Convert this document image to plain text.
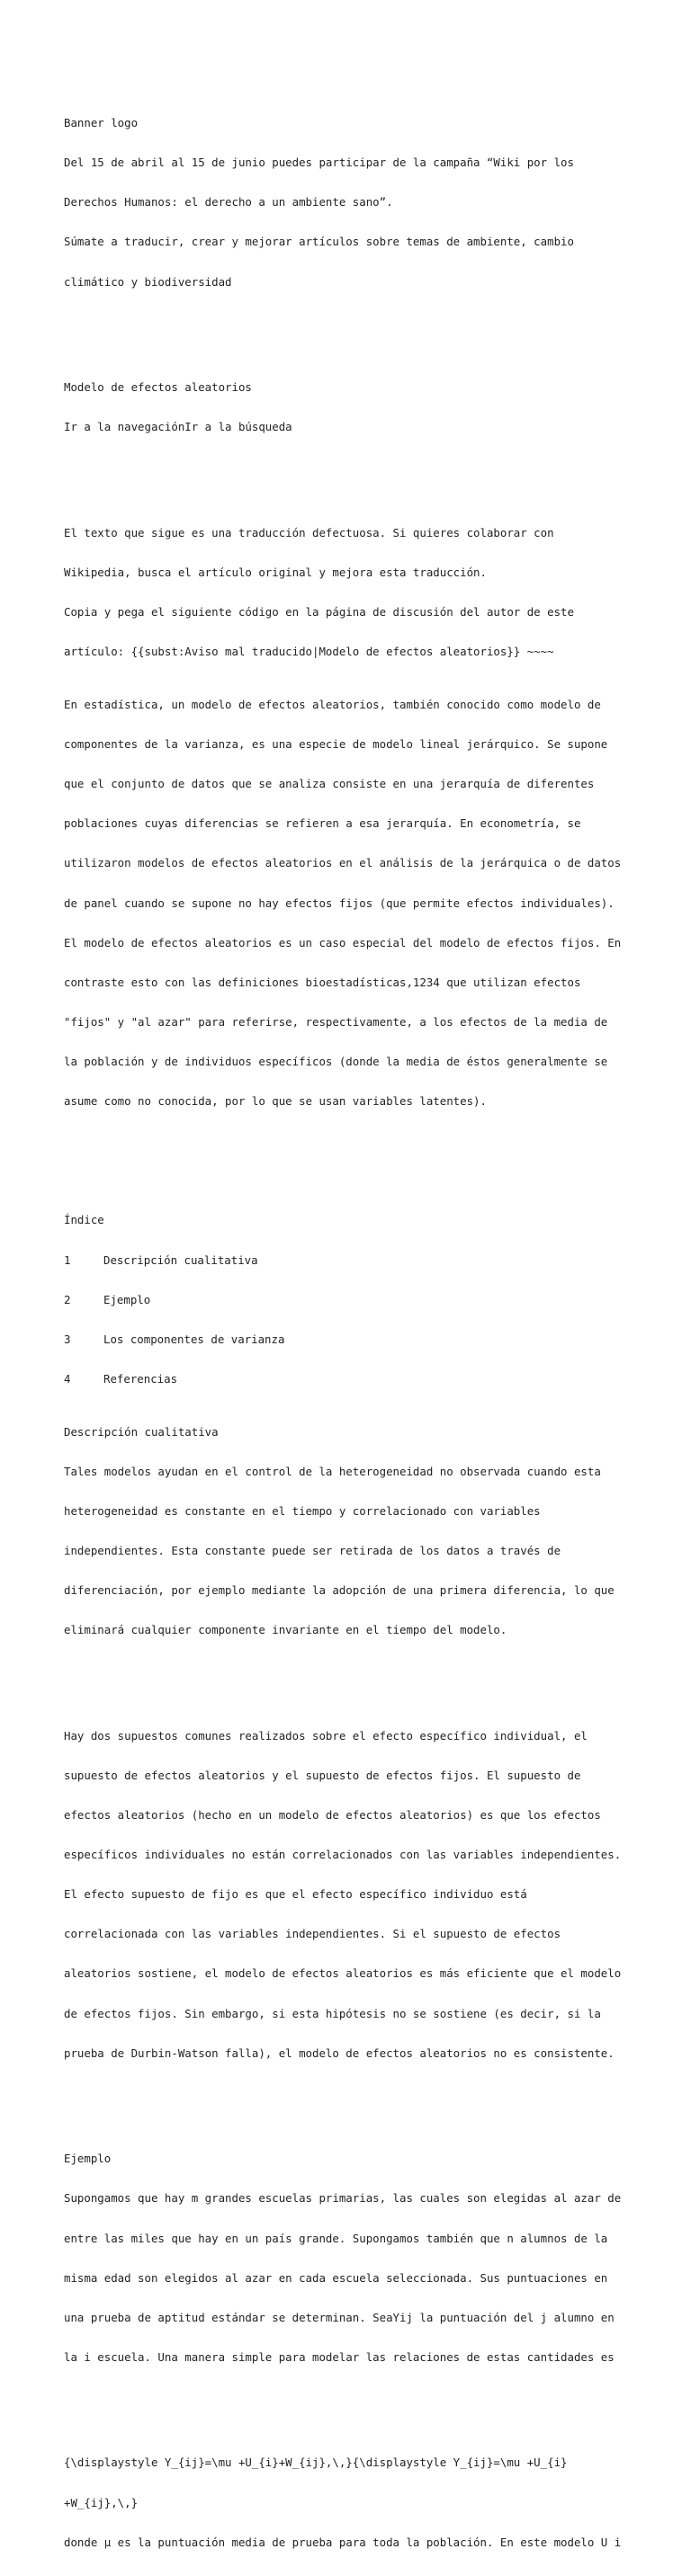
Banner logo

Del 15 de abril al 15 de junio puedes participar de la campaña “Wiki por los

Derechos Humanos: el derecho a un ambiente sano”.

Súmate a traducir, crear y mejorar artículos sobre temas de ambiente, cambio

climático y biodiversidad

Modelo de efectos aleatorios

Ir a la navegaciónIr a la búsqueda

El texto que sigue es una traducción defectuosa. Si quieres colaborar con

Wikipedia, busca el artículo original y mejora esta traducción.

Copia y pega el siguiente código en la página de discusión del autor de este

artículo: {{subst:Aviso mal traducido|Modelo de efectos aleatorios}} ~~~~

En estadística, un modelo de efectos aleatorios, también conocido como modelo de

componentes de la varianza, es una especie de modelo lineal jerárquico. Se supone

que el conjunto de datos que se analiza consiste en una jerarquía de diferentes

poblaciones cuyas diferencias se refieren a esa jerarquía. En econometría, se

utilizaron modelos de efectos aleatorios en el análisis de la jerárquica o de datos

de panel cuando se supone no hay efectos fijos (que permite efectos individuales).

El modelo de efectos aleatorios es un caso especial del modelo de efectos fijos. En

contraste esto con las definiciones bioestadísticas,1234 que utilizan efectos

"fijos" y "al azar" para referirse, respectivamente, a los efectos de la media de

la población y de individuos específicos (donde la media de éstos generalmente se

asume como no conocida, por lo que se usan variables latentes).

Índice

1	Descripción cualitativa

2	Ejemplo

3	Los componentes de varianza

4	Referencias

Descripción cualitativa

Tales modelos ayudan en el control de la heterogeneidad no observada cuando esta

heterogeneidad es constante en el tiempo y correlacionado con variables

independientes. Esta constante puede ser retirada de los datos a través de

diferenciación, por ejemplo mediante la adopción de una primera diferencia, lo que

eliminará cualquier componente invariante en el tiempo del modelo.

Hay dos supuestos comunes realizados sobre el efecto específico individual, el

supuesto de efectos aleatorios y el supuesto de efectos fijos. El supuesto de

efectos aleatorios (hecho en un modelo de efectos aleatorios) es que los efectos

específicos individuales no están correlacionados con las variables independientes.

El efecto supuesto de fijo es que el efecto específico individuo está

correlacionada con las variables independientes. Si el supuesto de efectos

aleatorios sostiene, el modelo de efectos aleatorios es más eficiente que el modelo

de efectos fijos. Sin embargo, si esta hipótesis no se sostiene (es decir, si la

prueba de Durbin-Watson falla), el modelo de efectos aleatorios no es consistente.

Ejemplo

Supongamos que hay m grandes escuelas primarias, las cuales son elegidas al azar de

entre las miles que hay en un país grande. Supongamos también que n alumnos de la

misma edad son elegidos al azar en cada escuela seleccionada. Sus puntuaciones en

una prueba de aptitud estándar se determinan. SeaYij la puntuación del j alumno en

la i escuela. Una manera simple para modelar las relaciones de estas cantidades es

{\displaystyle Y_{ij}=\mu +U_{i}+W_{ij},\,}{\displaystyle Y_{ij}=\mu +U_{i}

+W_{ij},\,}

donde μ es la puntuación media de prueba para toda la población. En este modelo U i
